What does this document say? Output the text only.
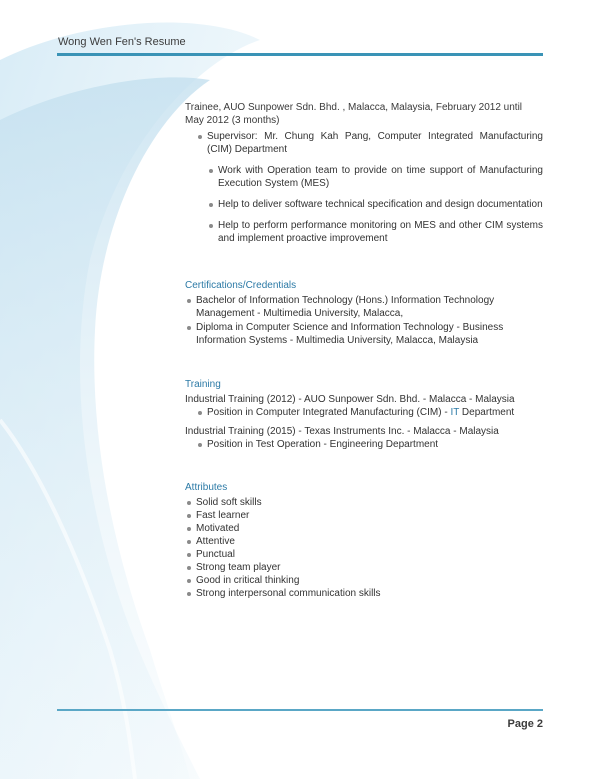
Wong Wen Fen's Resume
Trainee, AUO Sunpower Sdn. Bhd. , Malacca, Malaysia, February 2012 until
May 2012 (3 months)
Supervisor: Mr. Chung Kah Pang, Computer Integrated Manufacturing (CIM) Department
Work with Operation team to provide on time support of Manufacturing Execution System (MES)
Help to deliver software technical specification and design documentation
Help to perform performance monitoring on MES and other CIM systems and implement proactive improvement
Certifications/Credentials
Bachelor of Information Technology (Hons.) Information Technology Management - Multimedia University, Malacca,
Diploma in Computer Science and Information Technology - Business Information Systems - Multimedia University, Malacca, Malaysia
Training
Industrial Training (2012) - AUO Sunpower Sdn. Bhd. - Malacca - Malaysia
Position in Computer Integrated Manufacturing (CIM) - IT Department
Industrial Training (2015) - Texas Instruments Inc. - Malacca - Malaysia
Position in Test Operation - Engineering Department
Attributes
Solid soft skills
Fast learner
Motivated
Attentive
Punctual
Strong team player
Good in critical thinking
Strong interpersonal communication skills
Page 2
